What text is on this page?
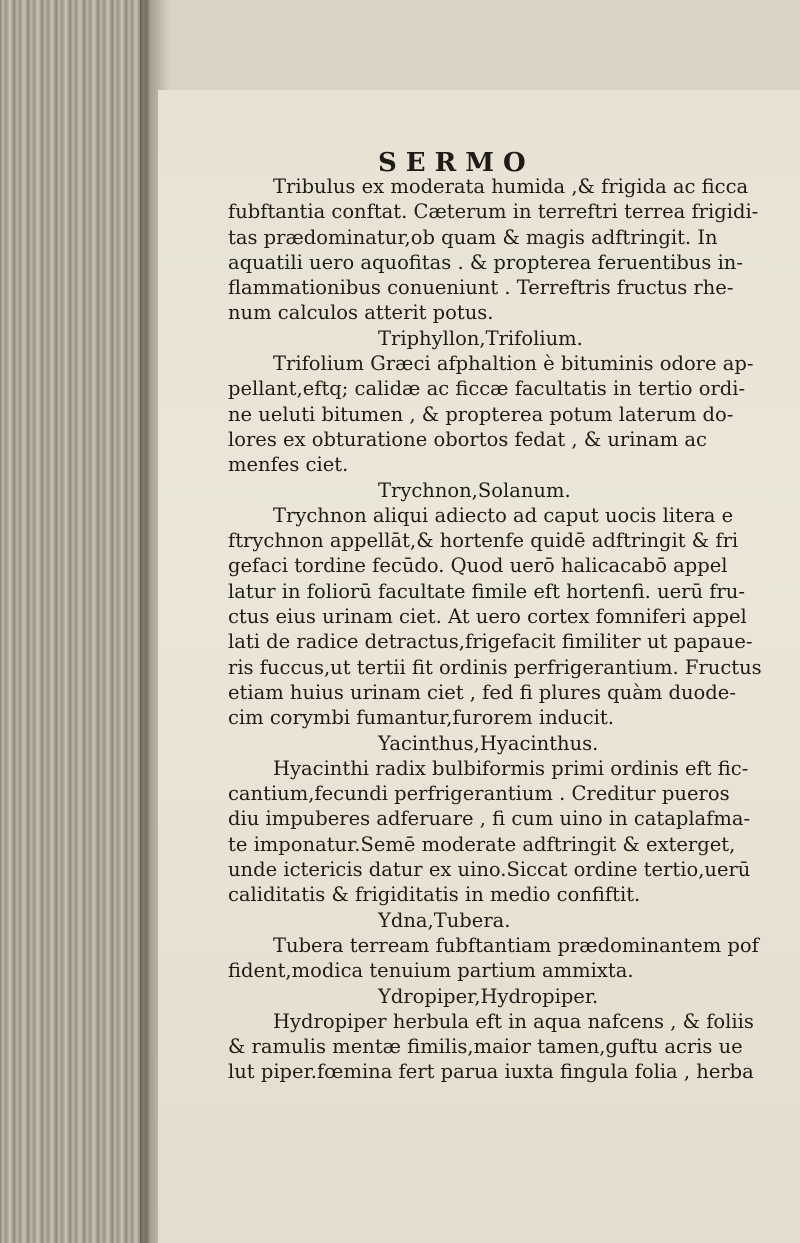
SERMO
Tribulus ex moderata humida ,& frigida ac ficca
fubftantia conftat. Cæterum in terreftri terrea frigidi-
tas prædominatur,ob quam & magis adftringit. In
aquatili uero aquofitas . & propterea feruentibus in-
flammationibus conueniunt . Terreftris fructus rhe-
num calculos atterit potus.
Triphyllon,Trifolium.
Trifolium Græci afphaltion è bituminis odore ap-
pellant,eftq; calidæ ac ficcæ facultatis in tertio ordi-
ne ueluti bitumen , & propterea potum laterum do-
lores ex obturatione obortos fedat , & urinam ac
menfes ciet.
Trychnon,Solanum.
Trychnon aliqui adiecto ad caput uocis litera e
ftrychnon appellāt,& hortenfe quidē adftringit & fri
gefaci tordine fecūdo. Quod uerō halicacabō appel
latur in foliorū facultate fimile eft hortenfi. uerū fru-
ctus eius urinam ciet. At uero cortex fomniferi appel
lati de radice detractus,frigefacit fimiliter ut papaue-
ris fuccus,ut tertii fit ordinis perfrigerantium. Fructus
etiam huius urinam ciet , fed fi plures quàm duode-
cim corymbi fumantur,furorem inducit.
Yacinthus,Hyacinthus.
Hyacinthi radix bulbiformis primi ordinis eft fic-
cantium,fecundi perfrigerantium . Creditur pueros
diu impuberes adferuare , fi cum uino in cataplafma-
te imponatur.Semē moderate adftringit & exterget,
unde ictericis datur ex uino.Siccat ordine tertio,uerū
caliditatis & frigiditatis in medio confiftit.
Ydna,Tubera.
Tubera terream fubftantiam prædominantem pof
fident,modica tenuium partium ammixta.
Ydropiper,Hydropiper.
Hydropiper herbula eft in aqua nafcens , & foliis
& ramulis mentæ fimilis,maior tamen,guftu acris ue
lut piper.fœmina fert parua iuxta fingula folia , herba
